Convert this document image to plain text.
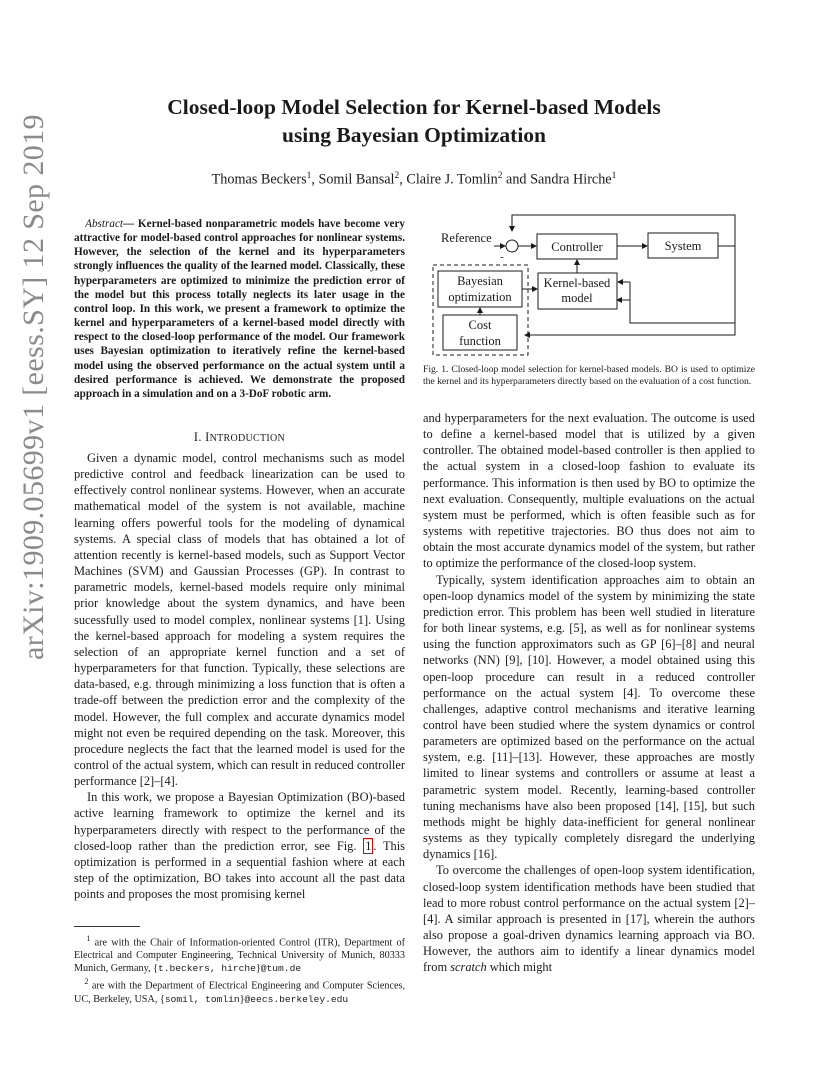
arXiv:1909.05699v1 [eess.SY] 12 Sep 2019
Closed-loop Model Selection for Kernel-based Models
using Bayesian Optimization
Thomas Beckers$^1$, Somil Bansal$^2$, Claire J. Tomlin$^2$ and Sandra Hirche$^1$
Abstract— Kernel-based nonparametric models have become very attractive for model-based control approaches for nonlinear systems. However, the selection of the kernel and its hyperparameters strongly influences the quality of the learned model. Classically, these hyperparameters are optimized to minimize the prediction error of the model but this process totally neglects its later usage in the control loop. In this work, we present a framework to optimize the kernel and hyperparameters of a kernel-based model directly with respect to the closed-loop performance of the model. Our framework uses Bayesian optimization to iteratively refine the kernel-based model using the observed performance on the actual system until a desired performance is achieved. We demonstrate the proposed approach in a simulation and on a 3-DoF robotic arm.
I. INTRODUCTION

Given a dynamic model, control mechanisms such as model predictive control and feedback linearization can be used to effectively control nonlinear systems. However, when an accurate mathematical model of the system is not available, machine learning offers powerful tools for the modeling of dynamical systems. A special class of models that has obtained a lot of attention recently is kernel-based models, such as Support Vector Machines (SVM) and Gaussian Processes (GP). In contrast to parametric models, kernel-based models require only minimal prior knowledge about the system dynamics, and have been sucessfully used to model complex, nonlinear systems [1]. Using the kernel-based approach for modeling a system requires the selection of an appropriate kernel function and a set of hyperparameters for that function. Typically, these selections are data-based, e.g. through minimizing a loss function that is often a trade-off between the prediction error and the complexity of the model. However, the full complex and accurate dynamics model might not even be required depending on the task. Moreover, this procedure neglects the fact that the learned model is used for the control of the actual system, which can result in reduced controller performance [2]–[4].

In this work, we propose a Bayesian Optimization (BO)-based active learning framework to optimize the kernel and its hyperparameters directly with respect to the performance of the closed-loop rather than the prediction error, see Fig. 1 . This optimization is performed in a sequential fashion where at each step of the optimization, BO takes into account all the past data points and proposes the most promising kernel

$^1$ are with the Chair of Information-oriented Control (ITR), Department of Electrical and Computer Engineering, Technical University of Munich, 80333 Munich, Germany, {t.beckers, hirche}@tum.de
$^2$ are with the Department of Electrical Engineering and Computer Sciences, UC, Berkeley, USA, {somil, tomlin}@eecs.berkeley.edu
Reference
-
Controller	System
Kernel-based
model
Bayesian
optimization
Cost
function
Fig. 1. Closed-loop model selection for kernel-based models. BO is used to optimize the kernel and its hyperparameters directly based on the evaluation of a cost function.

and hyperparameters for the next evaluation. The outcome is used to define a kernel-based model that is utilized by a given controller. The obtained model-based controller is then applied to the actual system in a closed-loop fashion to evaluate its performance. This information is then used by BO to optimize the next evaluation. Consequently, multiple evaluations on the actual system must be performed, which is often feasible such as for systems with repetitive trajectories. BO thus does not aim to obtain the most accurate dynamics model of the system, but rather to optimize the performance of the closed-loop system.

Typically, system identification approaches aim to obtain an open-loop dynamics model of the system by minimizing the state prediction error. This problem has been well studied in literature for both linear systems, e.g. [5], as well as for nonlinear systems using the function approximators such as GP [6]–[8] and neural networks (NN) [9], [10]. However, a model obtained using this open-loop procedure can result in a reduced controller performance on the actual system [4]. To overcome these challenges, adaptive control mechanisms and iterative learning control have been studied where the system dynamics or control parameters are optimized based on the performance on the actual system, e.g. [11]–[13]. However, these approaches are mostly limited to linear systems and controllers or assume at least a parametric system model. Recently, learning-based controller tuning mechanisms have also been proposed [14], [15], but such methods might be highly data-inefficient for general nonlinear systems as they typically completely disregard the underlying dynamics [16].

To overcome the challenges of open-loop system identification, closed-loop system identification methods have been studied that lead to more robust control performance on the actual system [2]–[4]. A similar approach is presented in [17], wherein the authors also propose a goal-driven dynamics learning approach via BO. However, the authors aim to identify a linear dynamics model from scratch which might
